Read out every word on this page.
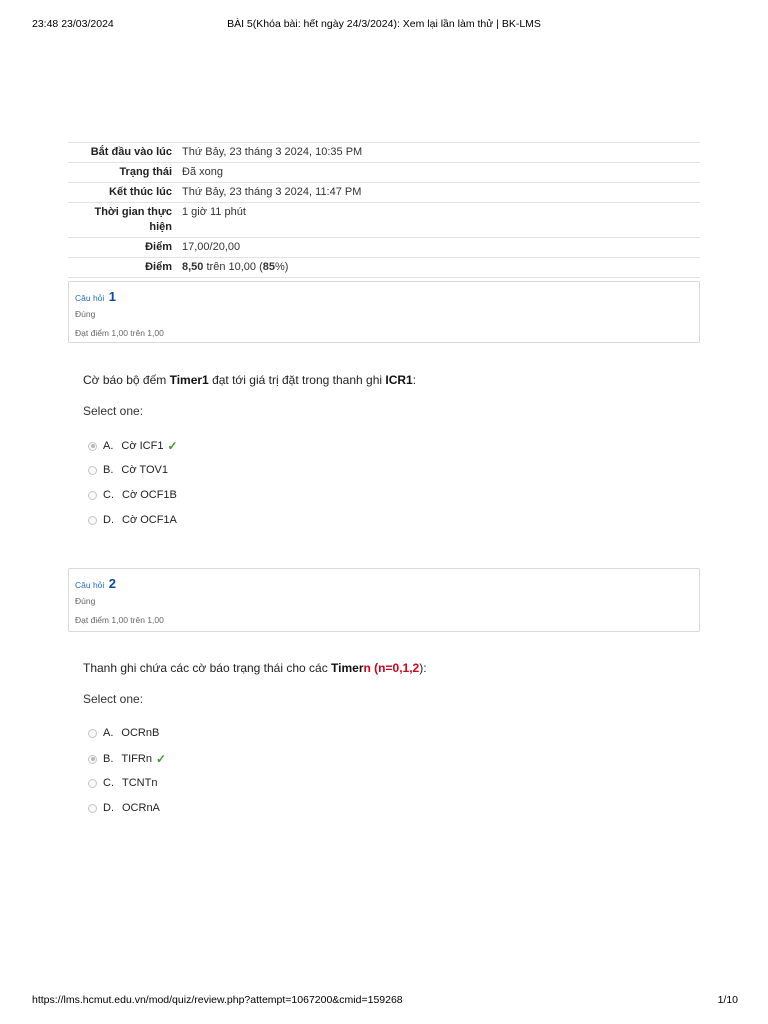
23:48 23/03/2024	BÀI 5(Khóa bài: hết ngày 24/3/2024): Xem lại lần làm thử | BK-LMS
Bắt đầu vào lúc	Thứ Bảy, 23 tháng 3 2024, 10:35 PM
Trạng thái	Đã xong
Kết thúc lúc	Thứ Bảy, 23 tháng 3 2024, 11:47 PM
Thời gian thực hiện	1 giờ 11 phút
Điểm	17,00/20,00
Điểm	8,50 trên 10,00 (85%)
Câu hỏi 1
Đúng
Đạt điểm 1,00 trên 1,00
Cờ báo bộ đếm Timer1 đạt tới giá trị đặt trong thanh ghi ICR1:
Select one:
A. Cờ ICF1 ✓
B. Cờ TOV1
C. Cờ OCF1B
D. Cờ OCF1A
Câu hỏi 2
Đúng
Đạt điểm 1,00 trên 1,00
Thanh ghi chứa các cờ báo trạng thái cho các Timern (n=0,1,2):
Select one:
A. OCRnB
B. TIFRn ✓
C. TCNTn
D. OCRnA
https://lms.hcmut.edu.vn/mod/quiz/review.php?attempt=1067200&cmid=159268	1/10
